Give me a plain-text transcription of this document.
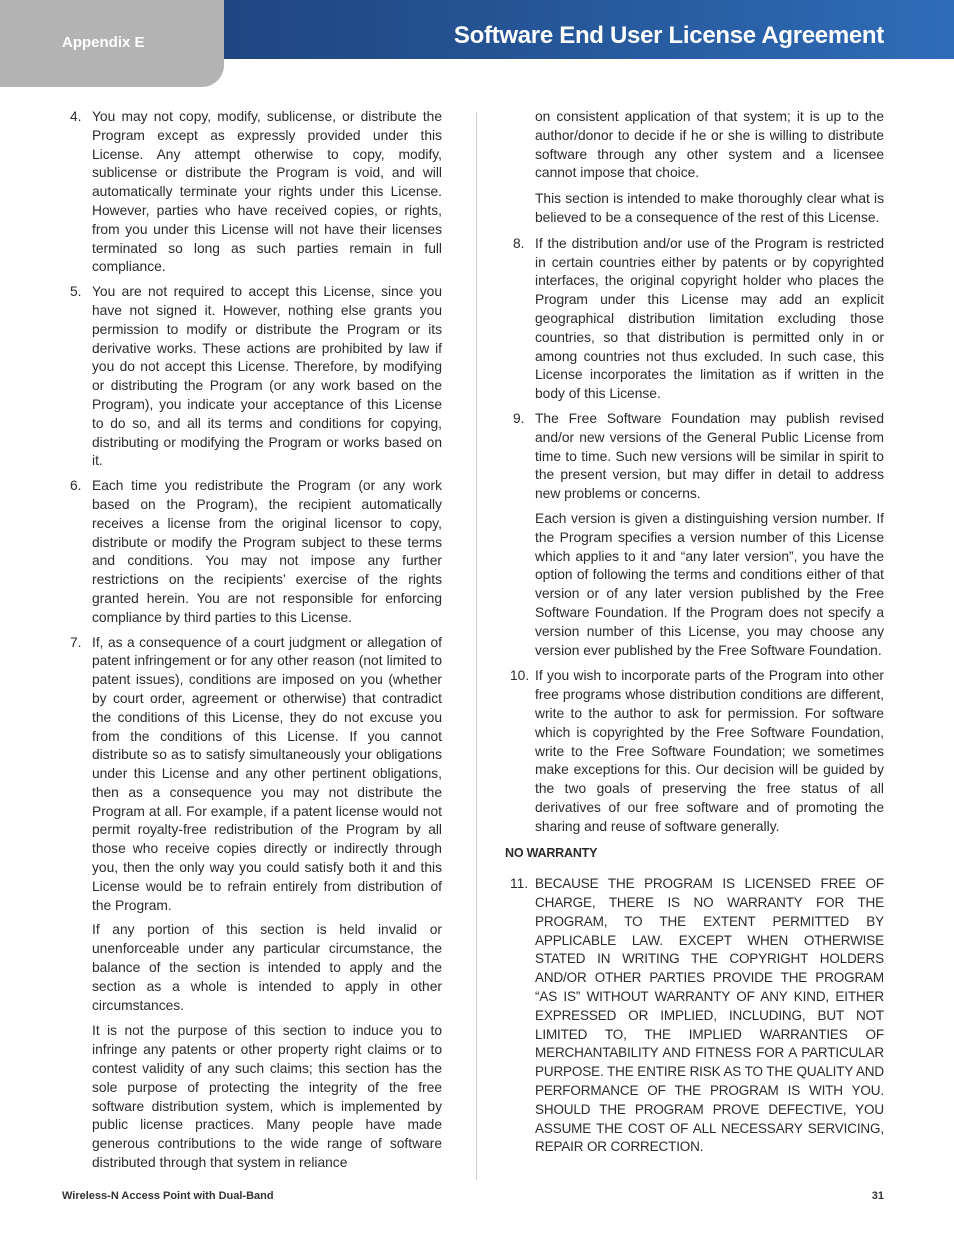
Appendix E	Software End User License Agreement
4. You may not copy, modify, sublicense, or distribute the Program except as expressly provided under this License. Any attempt otherwise to copy, modify, sublicense or distribute the Program is void, and will automatically terminate your rights under this License. However, parties who have received copies, or rights, from you under this License will not have their licenses terminated so long as such parties remain in full compliance.
5. You are not required to accept this License, since you have not signed it. However, nothing else grants you permission to modify or distribute the Program or its derivative works. These actions are prohibited by law if you do not accept this License. Therefore, by modifying or distributing the Program (or any work based on the Program), you indicate your acceptance of this License to do so, and all its terms and conditions for copying, distributing or modifying the Program or works based on it.
6. Each time you redistribute the Program (or any work based on the Program), the recipient automatically receives a license from the original licensor to copy, distribute or modify the Program subject to these terms and conditions. You may not impose any further restrictions on the recipients’ exercise of the rights granted herein. You are not responsible for enforcing compliance by third parties to this License.
7. If, as a consequence of a court judgment or allegation of patent infringement or for any other reason (not limited to patent issues), conditions are imposed on you (whether by court order, agreement or otherwise) that contradict the conditions of this License, they do not excuse you from the conditions of this License. If you cannot distribute so as to satisfy simultaneously your obligations under this License and any other pertinent obligations, then as a consequence you may not distribute the Program at all. For example, if a patent license would not permit royalty-free redistribution of the Program by all those who receive copies directly or indirectly through you, then the only way you could satisfy both it and this License would be to refrain entirely from distribution of the Program.
If any portion of this section is held invalid or unenforceable under any particular circumstance, the balance of the section is intended to apply and the section as a whole is intended to apply in other circumstances.
It is not the purpose of this section to induce you to infringe any patents or other property right claims or to contest validity of any such claims; this section has the sole purpose of protecting the integrity of the free software distribution system, which is implemented by public license practices. Many people have made generous contributions to the wide range of software distributed through that system in reliance
on consistent application of that system; it is up to the author/donor to decide if he or she is willing to distribute software through any other system and a licensee cannot impose that choice.
This section is intended to make thoroughly clear what is believed to be a consequence of the rest of this License.
8. If the distribution and/or use of the Program is restricted in certain countries either by patents or by copyrighted interfaces, the original copyright holder who places the Program under this License may add an explicit geographical distribution limitation excluding those countries, so that distribution is permitted only in or among countries not thus excluded. In such case, this License incorporates the limitation as if written in the body of this License.
9. The Free Software Foundation may publish revised and/or new versions of the General Public License from time to time. Such new versions will be similar in spirit to the present version, but may differ in detail to address new problems or concerns.
Each version is given a distinguishing version number. If the Program specifies a version number of this License which applies to it and “any later version”, you have the option of following the terms and conditions either of that version or of any later version published by the Free Software Foundation. If the Program does not specify a version number of this License, you may choose any version ever published by the Free Software Foundation.
10. If you wish to incorporate parts of the Program into other free programs whose distribution conditions are different, write to the author to ask for permission. For software which is copyrighted by the Free Software Foundation, write to the Free Software Foundation; we sometimes make exceptions for this. Our decision will be guided by the two goals of preserving the free status of all derivatives of our free software and of promoting the sharing and reuse of software generally.
NO WARRANTY
11. BECAUSE THE PROGRAM IS LICENSED FREE OF CHARGE, THERE IS NO WARRANTY FOR THE PROGRAM, TO THE EXTENT PERMITTED BY APPLICABLE LAW. EXCEPT WHEN OTHERWISE STATED IN WRITING THE COPYRIGHT HOLDERS AND/OR OTHER PARTIES PROVIDE THE PROGRAM “AS IS” WITHOUT WARRANTY OF ANY KIND, EITHER EXPRESSED OR IMPLIED, INCLUDING, BUT NOT LIMITED TO, THE IMPLIED WARRANTIES OF MERCHANTABILITY AND FITNESS FOR A PARTICULAR PURPOSE. THE ENTIRE RISK AS TO THE QUALITY AND PERFORMANCE OF THE PROGRAM IS WITH YOU. SHOULD THE PROGRAM PROVE DEFECTIVE, YOU ASSUME THE COST OF ALL NECESSARY SERVICING, REPAIR OR CORRECTION.
Wireless-N Access Point with Dual-Band	31
